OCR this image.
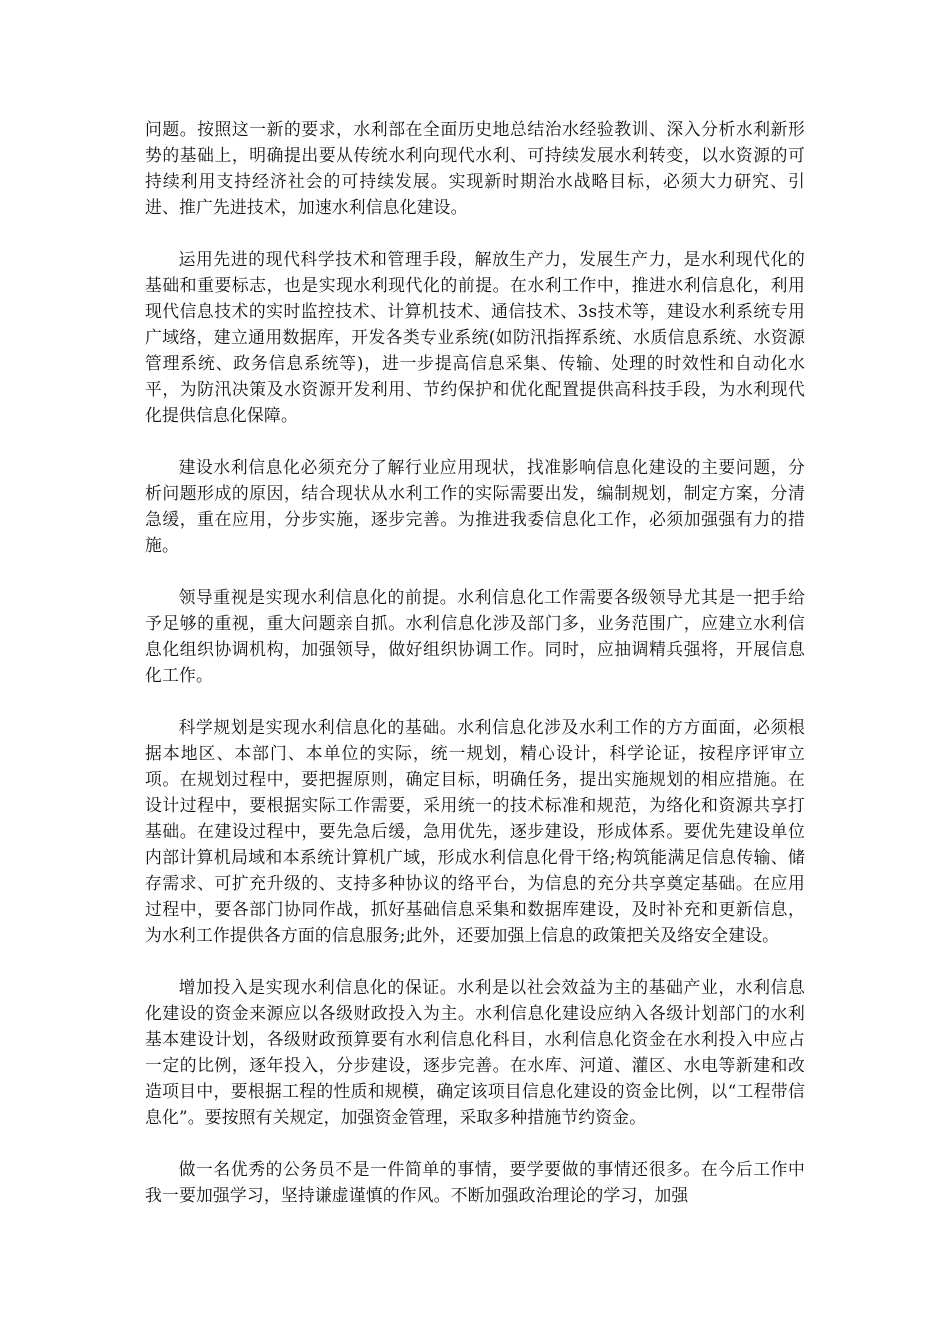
问题。按照这一新的要求，水利部在全面历史地总结治水经验教训、深入分析水利新形势的基础上，明确提出要从传统水利向现代水利、可持续发展水利转变，以水资源的可持续利用支持经济社会的可持续发展。实现新时期治水战略目标，必须大力研究、引进、推广先进技术，加速水利信息化建设。

运用先进的现代科学技术和管理手段，解放生产力，发展生产力，是水利现代化的基础和重要标志，也是实现水利现代化的前提。在水利工作中，推进水利信息化，利用现代信息技术的实时监控技术、计算机技术、通信技术、3s技术等，建设水利系统专用广域络，建立通用数据库，开发各类专业系统(如防汛指挥系统、水质信息系统、水资源管理系统、政务信息系统等)，进一步提高信息采集、传输、处理的时效性和自动化水平，为防汛决策及水资源开发利用、节约保护和优化配置提供高科技手段，为水利现代化提供信息化保障。

建设水利信息化必须充分了解行业应用现状，找准影响信息化建设的主要问题，分析问题形成的原因，结合现状从水利工作的实际需要出发，编制规划，制定方案，分清急缓，重在应用，分步实施，逐步完善。为推进我委信息化工作，必须加强强有力的措施。

领导重视是实现水利信息化的前提。水利信息化工作需要各级领导尤其是一把手给予足够的重视，重大问题亲自抓。水利信息化涉及部门多，业务范围广，应建立水利信息化组织协调机构，加强领导，做好组织协调工作。同时，应抽调精兵强将，开展信息化工作。

科学规划是实现水利信息化的基础。水利信息化涉及水利工作的方方面面，必须根据本地区、本部门、本单位的实际，统一规划，精心设计，科学论证，按程序评审立项。在规划过程中，要把握原则，确定目标，明确任务，提出实施规划的相应措施。在设计过程中，要根据实际工作需要，采用统一的技术标准和规范，为络化和资源共享打基础。在建设过程中，要先急后缓，急用优先，逐步建设，形成体系。要优先建设单位内部计算机局域和本系统计算机广域，形成水利信息化骨干络;构筑能满足信息传输、储存需求、可扩充升级的、支持多种协议的络平台，为信息的充分共享奠定基础。在应用过程中，要各部门协同作战，抓好基础信息采集和数据库建设，及时补充和更新信息，为水利工作提供各方面的信息服务;此外，还要加强上信息的政策把关及络安全建设。

增加投入是实现水利信息化的保证。水利是以社会效益为主的基础产业，水利信息化建设的资金来源应以各级财政投入为主。水利信息化建设应纳入各级计划部门的水利基本建设计划，各级财政预算要有水利信息化科目，水利信息化资金在水利投入中应占一定的比例，逐年投入，分步建设，逐步完善。在水库、河道、灌区、水电等新建和改造项目中，要根据工程的性质和规模，确定该项目信息化建设的资金比例，以“工程带信息化”。要按照有关规定，加强资金管理，采取多种措施节约资金。

做一名优秀的公务员不是一件简单的事情，要学要做的事情还很多。在今后工作中我一要加强学习，坚持谦虚谨慎的作风。不断加强政治理论的学习，加强
